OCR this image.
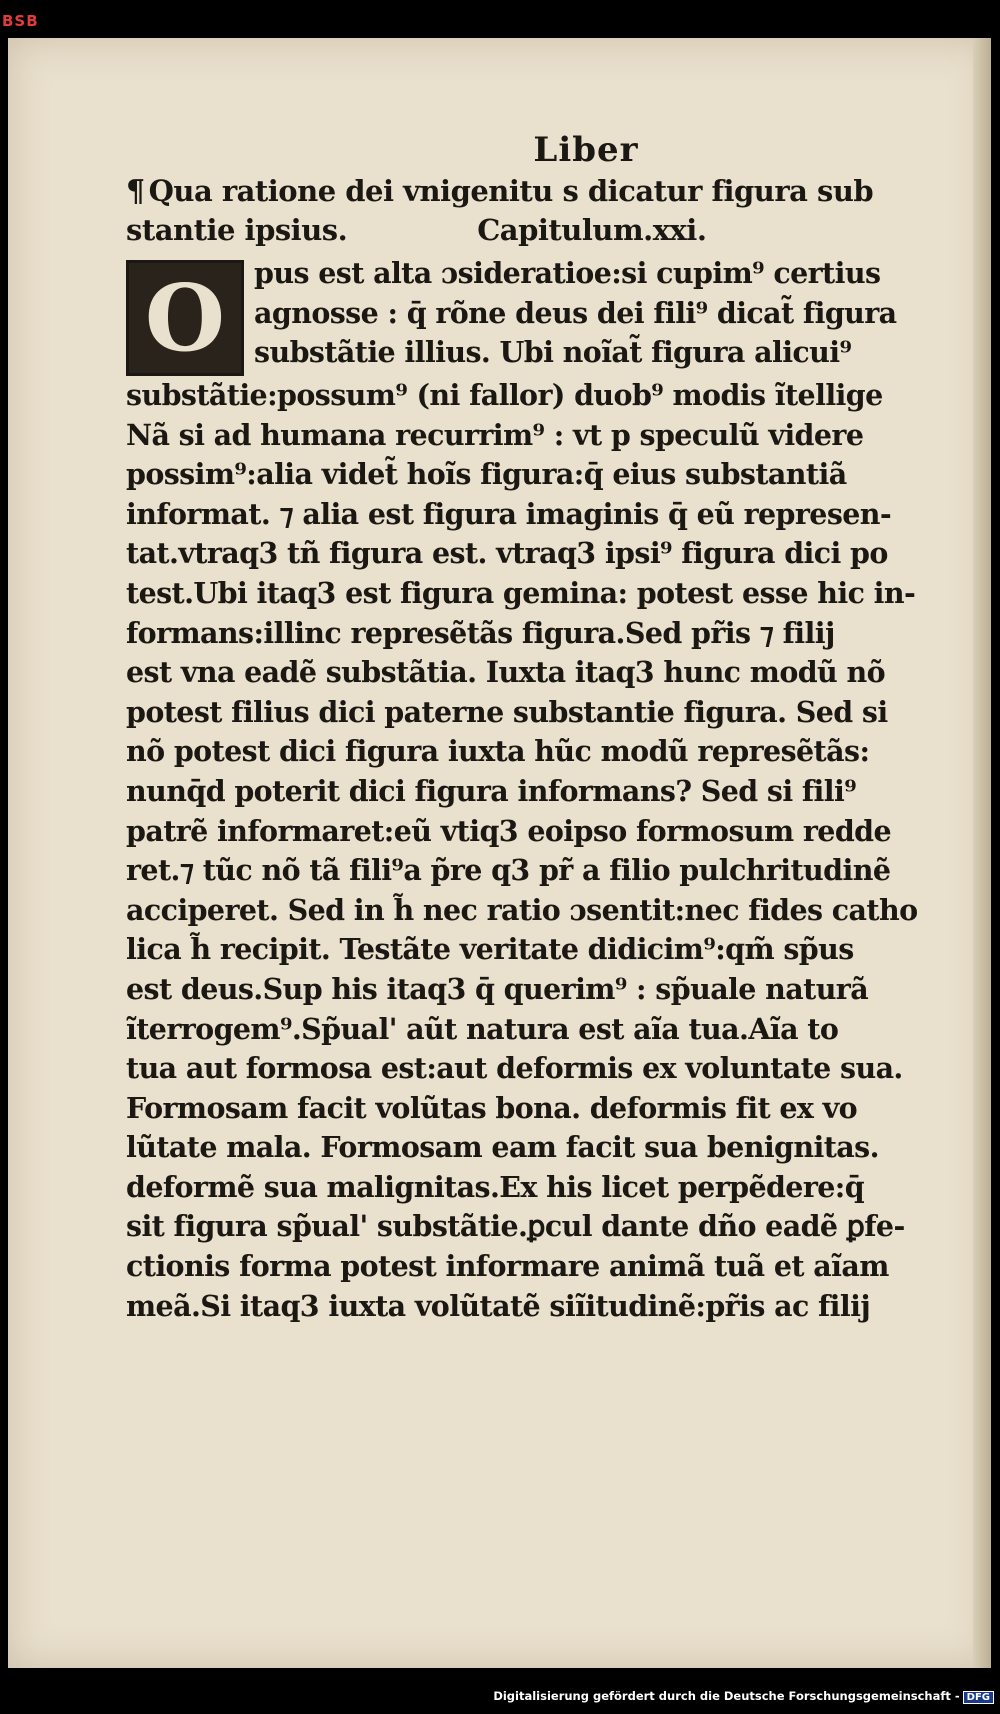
BSB
Liber
¶ Qua ratione dei vnigenitu s dicatur figura sub
stantie ipsius.	Capitulum.xxi.
O	pus est alta ɔsideratioe:si cupim⁹ certius
agnosse : q̄ rõne deus dei fili⁹ dicat̃ figura
substãtie illius. Ubi noĩat̃ figura alicui⁹
substãtie:possum⁹ (ni fallor) duob⁹ modis ĩtellige
Nã si ad humana recurrim⁹ : vt p speculũ videre
possim⁹:alia videt̃ hoĩs figura:q̄ eius substantiã
informat. ⁊ alia est figura imaginis q̄ eũ represen-
tat.vtraq3 tñ figura est. vtraq3 ipsi⁹ figura dici po
test.Ubi itaq3 est figura gemina: potest esse hic in-
formans:illinc represẽtãs figura.Sed pr̃is ⁊ filij
est vna eadẽ substãtia. Iuxta itaq3 hunc modũ nõ
potest filius dici paterne substantie figura. Sed si
nõ potest dici figura iuxta hũc modũ represẽtãs:
nunq̄d poterit dici figura informans? Sed si fili⁹
patrẽ informaret:eũ vtiq3 eoipso formosum redde
ret.⁊ tũc nõ tã fili⁹a p̃re q3 pr̃ a filio pulchritudinẽ
acciperet. Sed in h̃ nec ratio ɔsentit:nec fides catho
lica h̃ recipit. Testãte veritate didicim⁹:qm̃ sp̃us
est deus.Sup his itaq3 q̄ querim⁹ : sp̃uale naturã
ĩterrogem⁹.Sp̃ual' aũt natura est aĩa tua.Aĩa to
tua aut formosa est:aut deformis ex voluntate sua.
Formosam facit volũtas bona. deformis fit ex vo
lũtate mala. Formosam eam facit sua benignitas.
deformẽ sua malignitas.Ex his licet perpẽdere:q̄
sit figura sp̃ual' substãtie.ꝑcul dante dño eadẽ ꝑfe-
ctionis forma potest informare animã tuã et aĩam
meã.Si itaq3 iuxta volũtatẽ siĩitudinẽ:pr̃is ac filij
Digitalisierung gefördert durch die Deutsche Forschungsgemeinschaft - DFG
